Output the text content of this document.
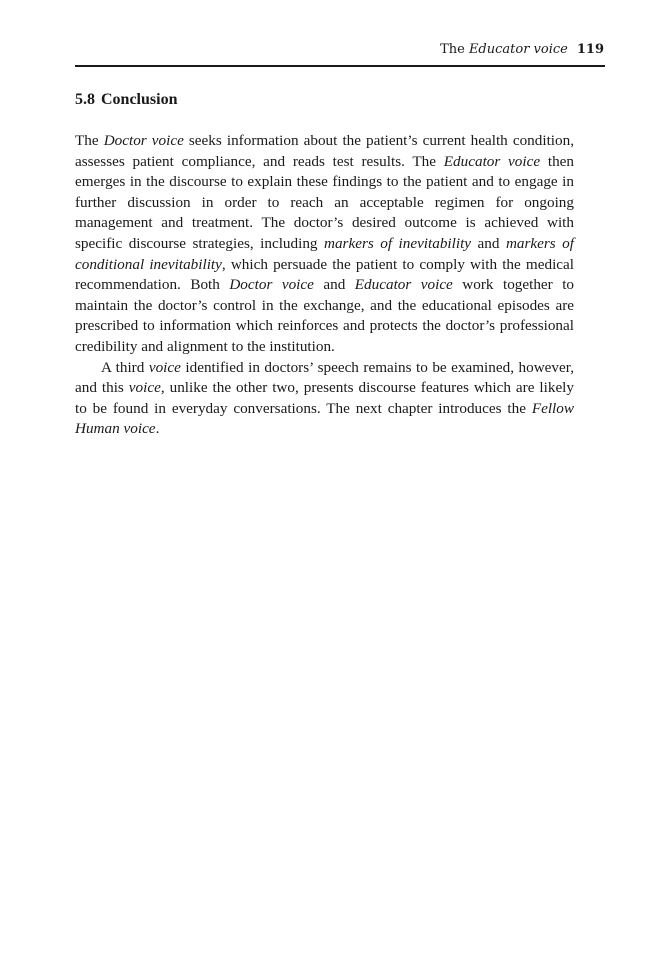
The Educator voice 119
5.8 Conclusion

The Doctor voice seeks information about the patient’s current health condition, assesses patient compliance, and reads test results. The Educator voice then emerges in the discourse to explain these findings to the patient and to engage in further discussion in order to reach an acceptable regimen for ongoing management and treatment. The doctor’s desired outcome is achieved with specific discourse strategies, including markers of inevitability and markers of conditional inevitability, which persuade the patient to comply with the medical recommendation. Both Doctor voice and Educator voice work together to maintain the doctor’s control in the exchange, and the educational episodes are prescribed to information which reinforces and protects the doctor’s professional credibility and alignment to the institution.

A third voice identified in doctors’ speech remains to be examined, however, and this voice, unlike the other two, presents discourse features which are likely to be found in everyday conversations. The next chapter introduces the Fellow Human voice.
